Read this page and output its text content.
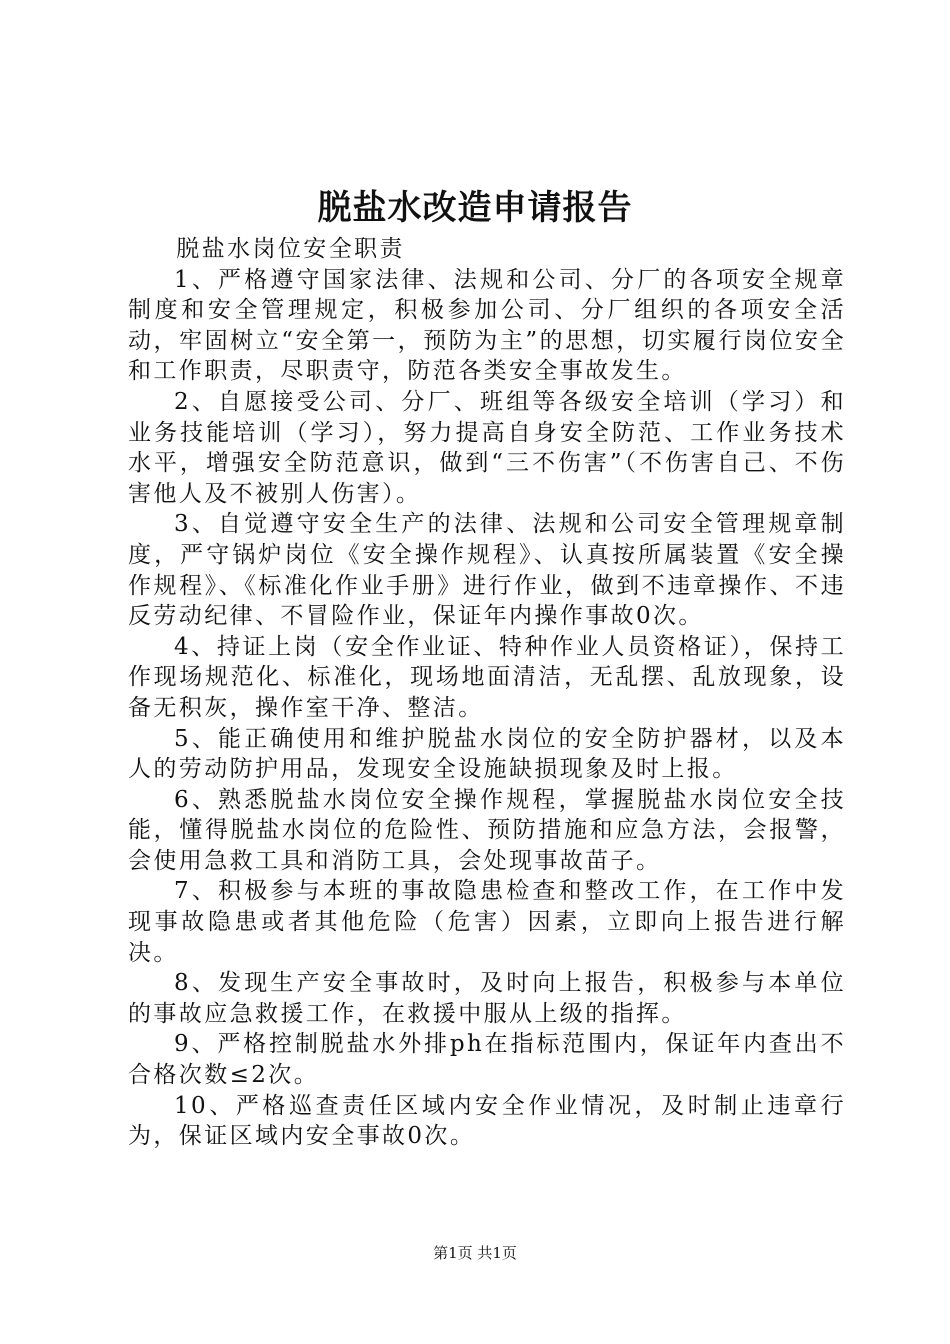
脱盐水改造申请报告

脱盐水岗位安全职责

1、严格遵守国家法律、法规和公司、分厂的各项安全规章制度和安全管理规定，积极参加公司、分厂组织的各项安全活动，牢固树立“安全第一，预防为主”的思想，切实履行岗位安全和工作职责，尽职责守，防范各类安全事故发生。

2、自愿接受公司、分厂、班组等各级安全培训（学习）和业务技能培训（学习），努力提高自身安全防范、工作业务技术水平，增强安全防范意识，做到“三不伤害”（不伤害自己、不伤害他人及不被别人伤害）。

3、自觉遵守安全生产的法律、法规和公司安全管理规章制度，严守锅炉岗位《安全操作规程》、认真按所属装置《安全操作规程》、《标准化作业手册》进行作业，做到不违章操作、不违反劳动纪律、不冒险作业，保证年内操作事故0次。

4、持证上岗（安全作业证、特种作业人员资格证），保持工作现场规范化、标准化，现场地面清洁，无乱摆、乱放现象，设备无积灰，操作室干净、整洁。

5、能正确使用和维护脱盐水岗位的安全防护器材，以及本人的劳动防护用品，发现安全设施缺损现象及时上报。

6、熟悉脱盐水岗位安全操作规程，掌握脱盐水岗位安全技能，懂得脱盐水岗位的危险性、预防措施和应急方法，会报警，会使用急救工具和消防工具，会处现事故苗子。

7、积极参与本班的事故隐患检查和整改工作，在工作中发现事故隐患或者其他危险（危害）因素，立即向上报告进行解决。

8、发现生产安全事故时，及时向上报告，积极参与本单位的事故应急救援工作，在救援中服从上级的指挥。

9、严格控制脱盐水外排ph在指标范围内，保证年内查出不合格次数≤2次。

10、严格巡查责任区域内安全作业情况，及时制止违章行为，保证区域内安全事故0次。

第1页 共1页
